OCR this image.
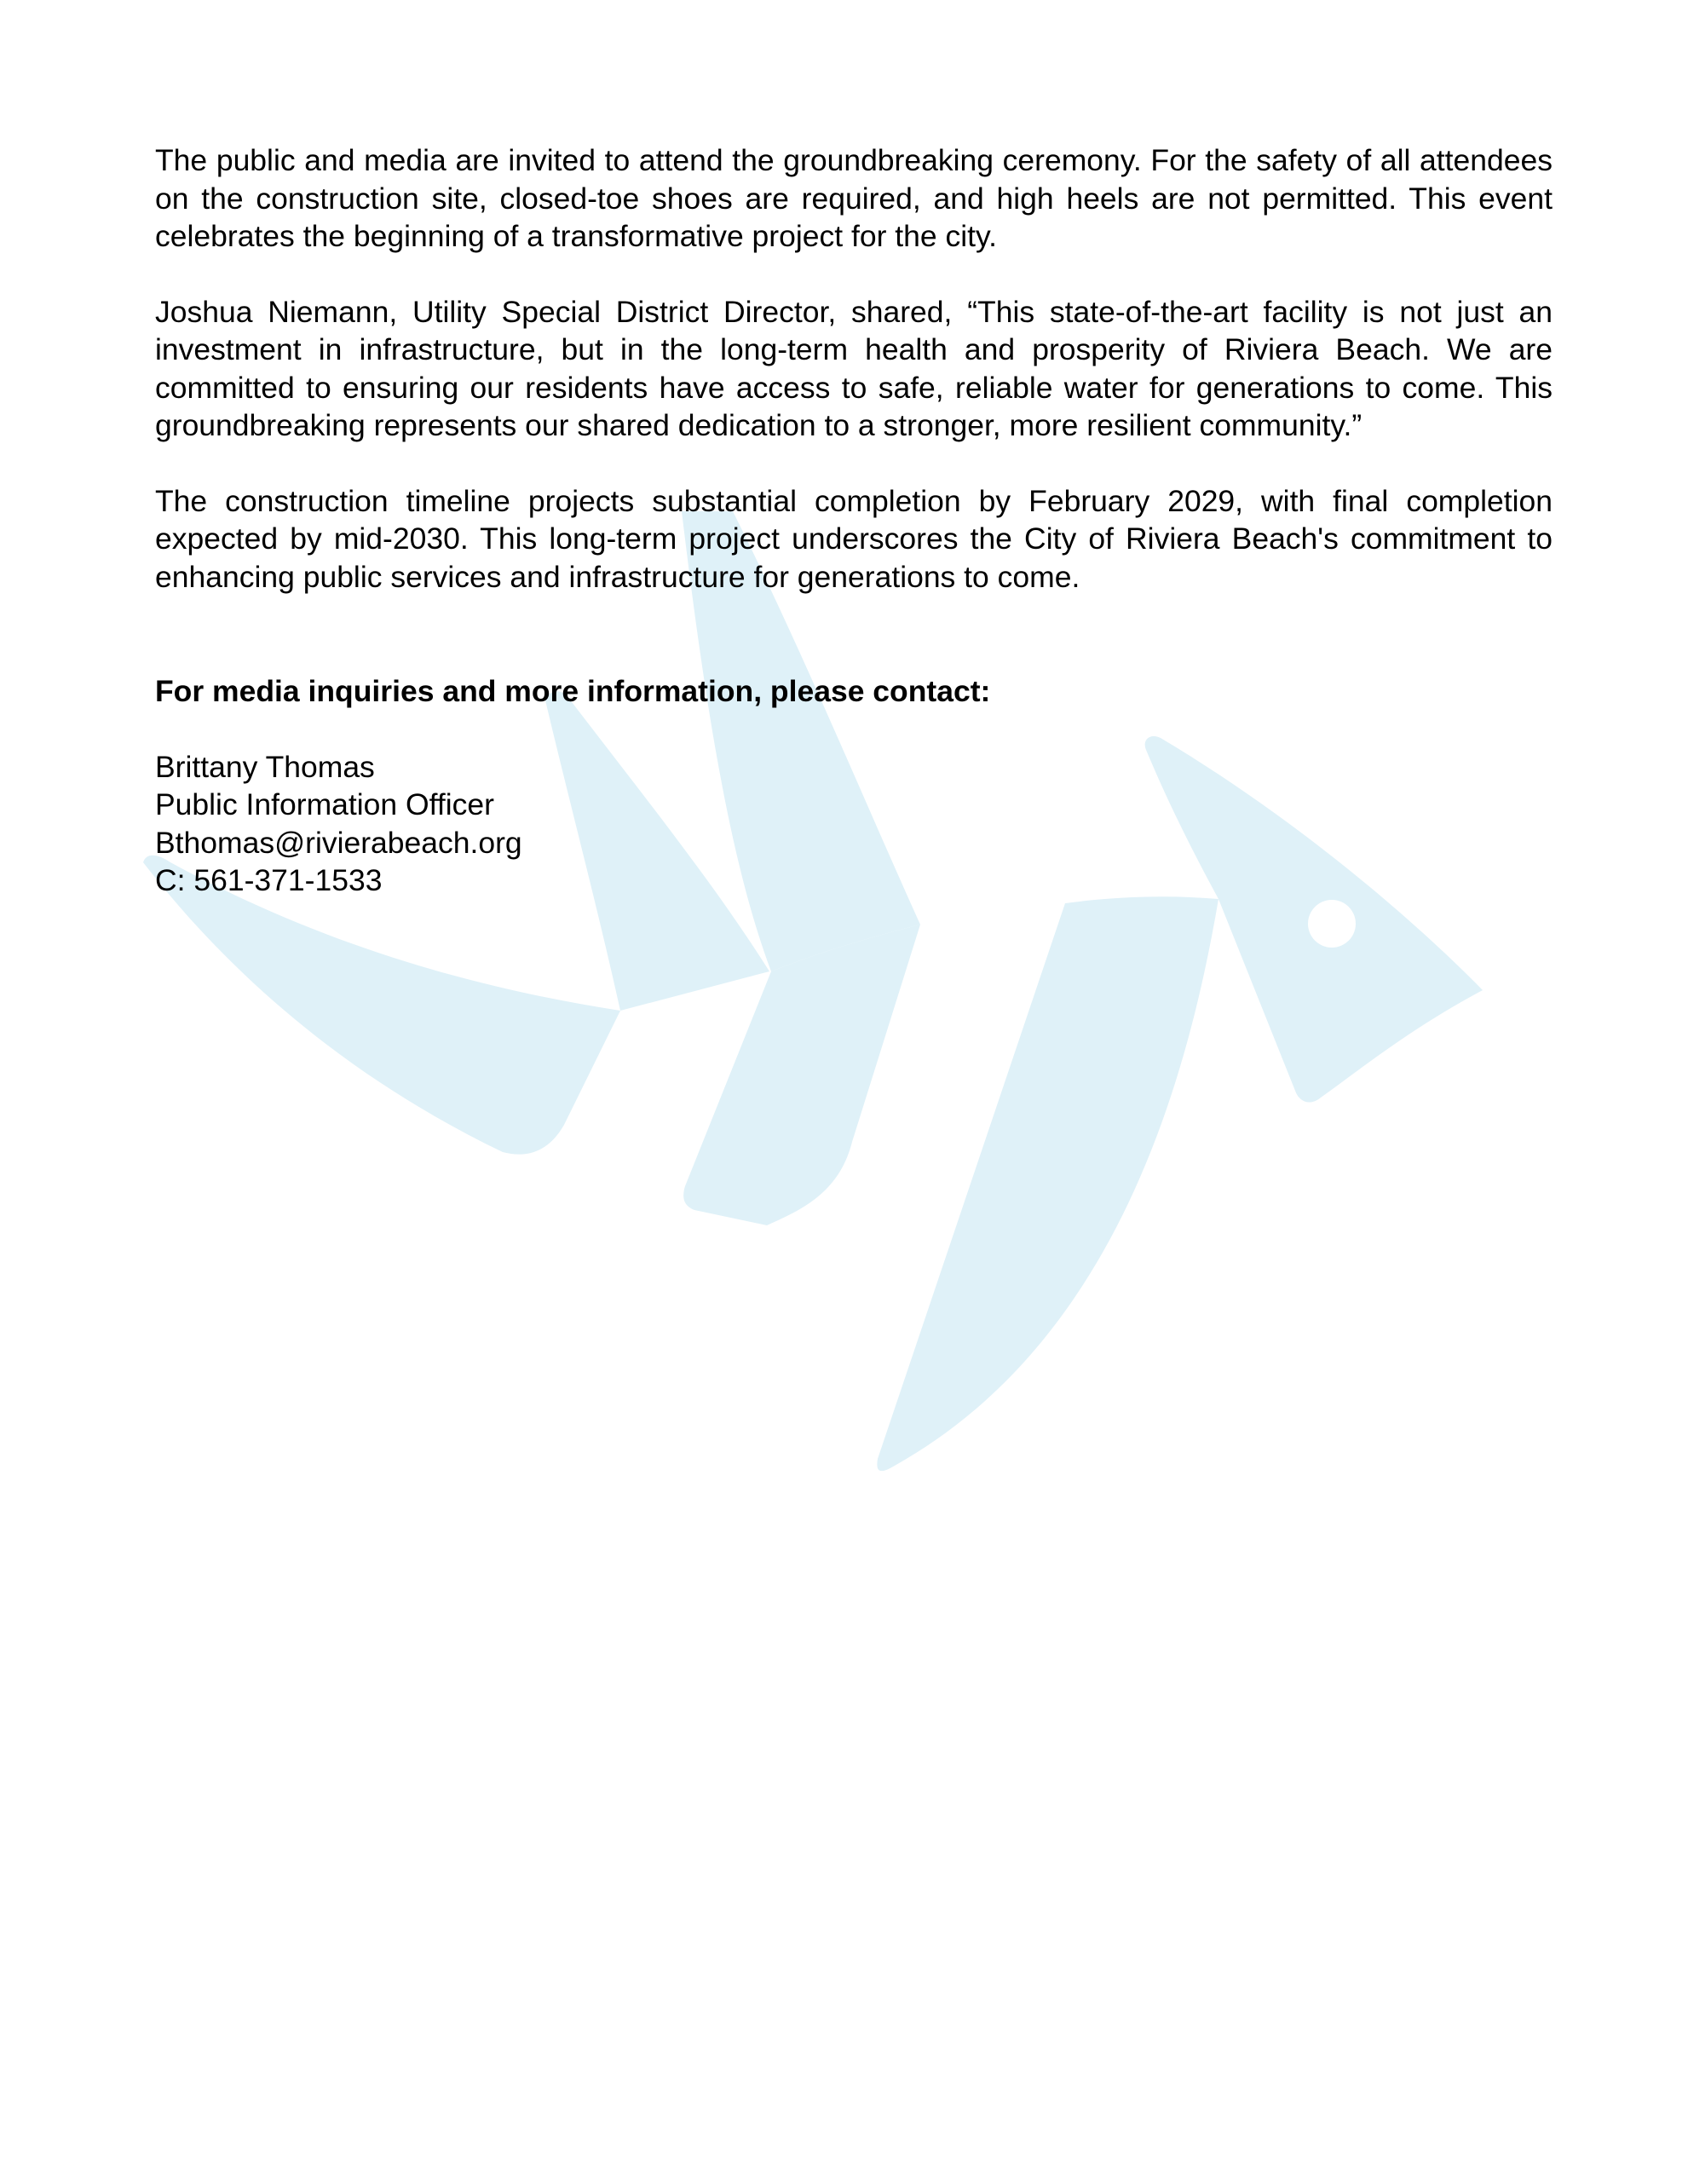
The public and media are invited to attend the groundbreaking ceremony. For the safety of all attendees on the construction site, closed-toe shoes are required, and high heels are not permitted. This event celebrates the beginning of a transformative project for the city.

Joshua Niemann, Utility Special District Director, shared, “This state-of-the-art facility is not just an investment in infrastructure, but in the long-term health and prosperity of Riviera Beach. We are committed to ensuring our residents have access to safe, reliable water for generations to come. This groundbreaking represents our shared dedication to a stronger, more resilient community.”

The construction timeline projects substantial completion by February 2029, with final completion expected by mid-2030. This long-term project underscores the City of Riviera Beach's commitment to enhancing public services and infrastructure for generations to come.

For media inquiries and more information, please contact:

Brittany Thomas

Public Information Officer

Bthomas@rivierabeach.org

C: 561-371-1533
